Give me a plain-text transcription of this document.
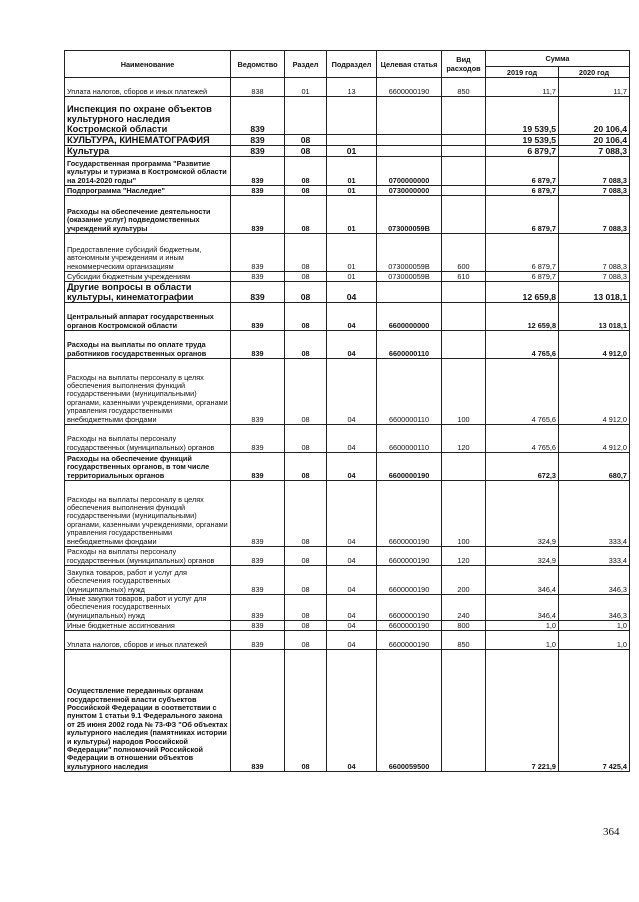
Наименование	Ведомство	Раздел	Подраздел	Целевая статья	Вид расходов	Сумма	
						2019 год	2020 год
Уплата налогов, сборов и иных платежей	838	01	13	6600000190	850	11,7	11,7
Инспекция по охране объектов культурного наследия Костромской области	839					19 539,5	20 106,4
КУЛЬТУРА, КИНЕМАТОГРАФИЯ	839	08				19 539,5	20 106,4
Культура	839	08	01			6 879,7	7 088,3
Государственная программа "Развитие культуры и туризма в Костромской области на 2014-2020 годы"	839	08	01	0700000000		6 879,7	7 088,3
Подпрограмма "Наследие"	839	08	01	0730000000		6 879,7	7 088,3
Расходы на обеспечение деятельности (оказание услуг) подведомственных учреждений культуры	839	08	01	073000059B		6 879,7	7 088,3
Предоставление субсидий бюджетным, автономным учреждениям и иным некоммерческим организациям	839	08	01	073000059B	600	6 879,7	7 088,3
Субсидии бюджетным учреждениям	839	08	01	073000059B	610	6 879,7	7 088,3
Другие вопросы в области культуры, кинематографии	839	08	04			12 659,8	13 018,1
Центральный аппарат государственных органов Костромской области	839	08	04	6600000000		12 659,8	13 018,1
Расходы на выплаты по оплате труда работников государственных органов	839	08	04	6600000110		4 765,6	4 912,0
Расходы на выплаты персоналу в целях обеспечения выполнения функций государственными (муниципальными) органами, казенными учреждениями, органами управления государственными внебюджетными фондами	839	08	04	6600000110	100	4 765,6	4 912,0
Расходы на выплаты персоналу государственных (муниципальных) органов	839	08	04	6600000110	120	4 765,6	4 912,0
Расходы на обеспечение функций государственных органов, в том числе территориальных органов	839	08	04	6600000190		672,3	680,7
Расходы на выплаты персоналу в целях обеспечения выполнения функций государственными (муниципальными) органами, казенными учреждениями, органами управления государственными внебюджетными фондами	839	08	04	6600000190	100	324,9	333,4
Расходы на выплаты персоналу государственных (муниципальных) органов	839	08	04	6600000190	120	324,9	333,4
Закупка товаров, работ и услуг для обеспечения государственных (муниципальных) нужд	839	08	04	6600000190	200	346,4	346,3
Иные закупки товаров, работ и услуг для обеспечения государственных (муниципальных) нужд	839	08	04	6600000190	240	346,4	346,3
Иные бюджетные ассигнования	839	08	04	6600000190	800	1,0	1,0
Уплата налогов, сборов и иных платежей	839	08	04	6600000190	850	1,0	1,0
Осуществление переданных органам государственной власти субъектов Российской Федерации в соответствии с пунктом 1 статьи 9.1 Федерального закона от 25 июня 2002 года № 73-ФЗ "Об объектах культурного наследия (памятниках истории и культуры) народов Российской Федерации" полномочий Российской Федерации в отношении объектов культурного наследия	839	08	04	6600059500		7 221,9	7 425,4
364
